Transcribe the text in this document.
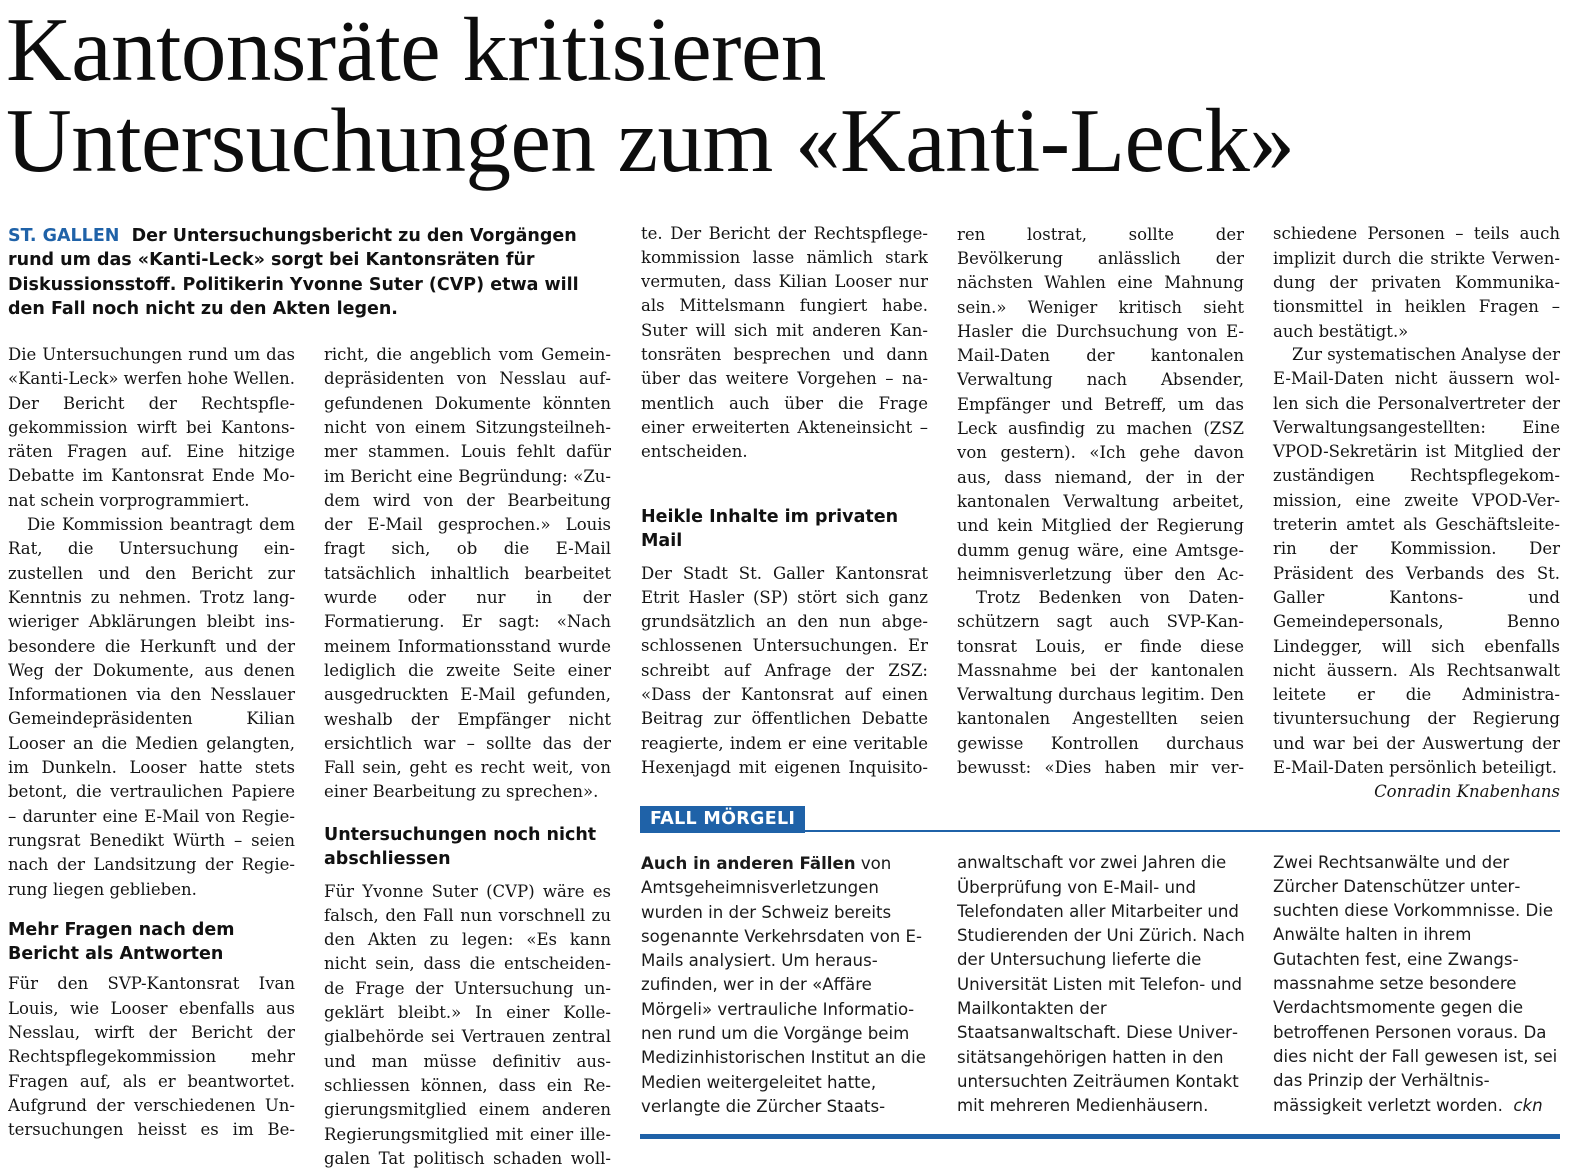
Kantonsräte kritisieren
Untersuchungen zum «Kanti-Leck»

ST. GALLEN Der Untersuchungsbericht zu den Vorgängen rund um das «Kanti-Leck» sorgt bei Kantonsräten für Diskussionsstoff. Politikerin Yvonne Suter (CVP) etwa will den Fall noch nicht zu den Akten legen.

Die Untersuchungen rund um das «Kanti-Leck» werfen hohe Wellen. Der Bericht der Rechtspflegekommission wirft bei Kantonsräten Fragen auf. Eine hitzige Debatte im Kantonsrat Ende Monat schein vorprogrammiert.

Die Kommission beantragt dem Rat, die Untersuchung einzustellen und den Bericht zur Kenntnis zu nehmen. Trotz langwieriger Abklärungen bleibt insbesondere die Herkunft und der Weg der Dokumente, aus denen Informationen via den Nesslauer Gemeindepräsidenten Kilian Looser an die Medien gelangten, im Dunkeln. Looser hatte stets betont, die vertraulichen Papiere – darunter eine E-Mail von Regierungsrat Benedikt Würth – seien nach der Landsitzung der Regierung liegen geblieben.

Mehr Fragen nach dem Bericht als Antworten

Für den SVP-Kantonsrat Ivan Louis, wie Looser ebenfalls aus Nesslau, wirft der Bericht der Rechtspflegekommission mehr Fragen auf, als er beantwortet. Aufgrund der verschiedenen Untersuchungen heisst es im Be

icht, die angeblich vom Gemeindepräsidenten von Nesslau aufgefundenen Dokumente könnten nicht von einem Sitzungsteilnehmer stammen. Louis fehlt dafür im Bericht eine Begründung: «Zudem wird von der Bearbeitung der E-Mail gesprochen.» Louis fragt sich, ob die E-Mail tatsächlich inhaltlich bearbeitet wurde oder nur in der Formatierung. Er sagt: «Nach meinem Informationsstand wurde lediglich die zweite Seite einer ausgedruckten E-Mail gefunden, weshalb der Empfänger nicht ersichtlich war – sollte das der Fall sein, geht es recht weit, von einer Bearbeitung zu sprechen».

Untersuchungen noch nicht abschliessen

Für Yvonne Suter (CVP) wäre es falsch, den Fall nun vorschnell zu den Akten zu legen: «Es kann nicht sein, dass die entscheidende Frage der Untersuchung ungeklärt bleibt.» In einer Kollegialbehörde sei Vertrauen zentral und man müsse definitiv ausschliessen können, dass ein Regierungsmitglied einem anderen Regierungsmitglied mit einer illegalen Tat politisch schaden woll

e. Der Bericht der Rechtspflegekommission lasse nämlich stark vermuten, dass Kilian Looser nur als Mittelsmann fungiert habe. Suter will sich mit anderen Kantonsräten besprechen und dann über das weitere Vorgehen – namentlich auch über die Frage einer erweiterten Akteneinsicht – entscheiden.

Heikle Inhalte im privaten Mail

Der Stadt St. Galler Kantonsrat Etrit Hasler (SP) stört sich ganz grundsätzlich an den nun abgeschlossenen Untersuchungen. Er schreibt auf Anfrage der ZSZ: «Dass der Kantonsrat auf einen Beitrag zur öffentlichen Debatte reagierte, indem er eine veritable Hexenjagd mit eigenen Inquisito

en lostrat, sollte der Bevölkerung anlässlich der nächsten Wahlen eine Mahnung sein.» Weniger kritisch sieht Hasler die Durchsuchung von E-Mail-Daten der kantonalen Verwaltung nach Absender, Empfänger und Betreff, um das Leck ausfindig zu machen (ZSZ von gestern). «Ich gehe davon aus, dass niemand, der in der kantonalen Verwaltung arbeitet, und kein Mitglied der Regierung dumm genug wäre, eine Amtsgeheimnisverletzung über den Ac

Trotz Bedenken von Datenschützern sagt auch SVP-Kantonsrat Louis, er finde diese Massnahme bei der kantonalen Verwaltung durchaus legitim. Den kantonalen Angestellten seien gewisse Kontrollen durchaus bewusst: «Dies haben mir ver

chiedene Personen – teils auch implizit durch die strikte Verwendung der privaten Kommunikationsmittel in heiklen Fragen – auch bestätigt.»

Zur systematischen Analyse der E-Mail-Daten nicht äussern wollen sich die Personalvertreter der Verwaltungsangestellten: Eine VPOD-Sekretärin ist Mitglied der zuständigen Rechtspflegekommission, eine zweite VPOD-Vertreterin amtet als Geschäftsleiterin der Kommission. Der Präsident des Verbands des St. Galler Kantons- und Gemeindepersonals, Benno Lindegger, will sich ebenfalls nicht äussern. Als Rechtsanwalt leitete er die Administrativuntersuchung der Regierung und war bei der Auswertung der E-Mail-Daten persönlich beteiligt.

Conradin Knabenhans

FALL MÖRGELI

Auch in anderen Fällen von Amtsgeheimnisverletzungen wurden in der Schweiz bereits sogenannte Verkehrsdaten von E-Mails analysiert. Um herauszufinden, wer in der «Affäre Mörgeli» vertrauliche Informationen rund um die Vorgänge beim Medizinhistorischen Institut an die Medien weitergeleitet hatte, verlangte die Zürcher Staats

nwaltschaft vor zwei Jahren die Überprüfung von E-Mail- und Telefondaten aller Mitarbeiter und Studierenden der Uni Zürich. Nach der Untersuchung lieferte die Universität Listen mit Telefon- und Mailkontakten der Staatsanwaltschaft. Diese Universitätsangehörigen hatten in den untersuchten Zeiträumen Kontakt mit mehreren Medienhäusern.

Zwei Rechtsanwälte und der Zürcher Datenschützer untersuchten diese Vorkommnisse. Die Anwälte halten in ihrem Gutachten fest, eine Zwangsmassnahme setze besondere Verdachtsmomente gegen die betroffenen Personen voraus. Da dies nicht der Fall gewesen ist, sei das Prinzip der Verhältnismässigkeit verletzt worden. ckn
